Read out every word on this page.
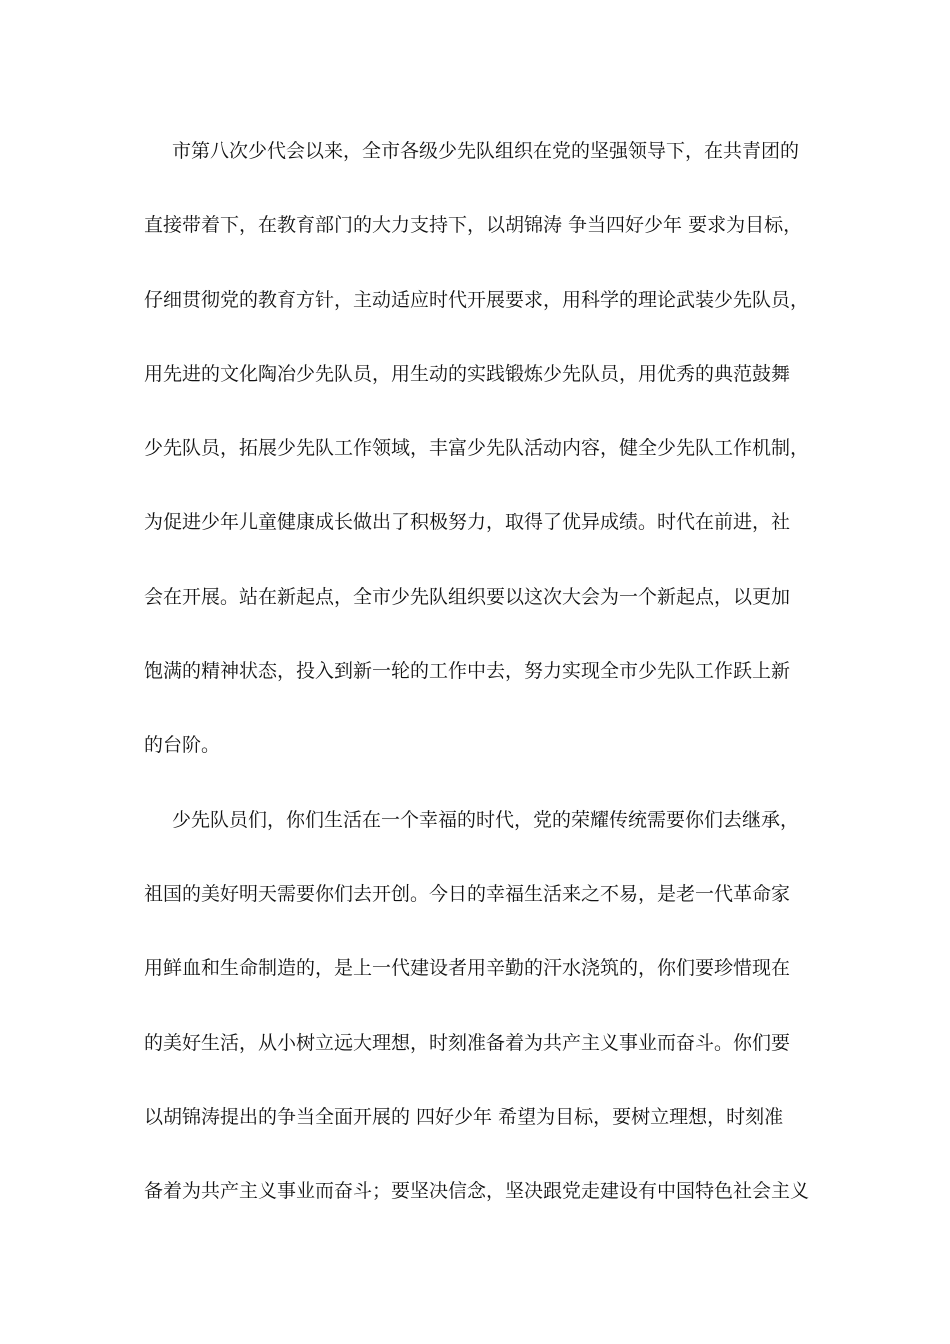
市第八次少代会以来，全市各级少先队组织在党的坚强领导下，在共青团的
直接带着下，在教育部门的大力支持下，以胡锦涛 争当四好少年 要求为目标，
仔细贯彻党的教育方针，主动适应时代开展要求，用科学的理论武装少先队员，
用先进的文化陶冶少先队员，用生动的实践锻炼少先队员，用优秀的典范鼓舞
少先队员，拓展少先队工作领域，丰富少先队活动内容，健全少先队工作机制，
为促进少年儿童健康成长做出了积极努力，取得了优异成绩。时代在前进，社
会在开展。站在新起点，全市少先队组织要以这次大会为一个新起点，以更加
饱满的精神状态，投入到新一轮的工作中去，努力实现全市少先队工作跃上新
的台阶。
少先队员们，你们生活在一个幸福的时代，党的荣耀传统需要你们去继承，
祖国的美好明天需要你们去开创。今日的幸福生活来之不易，是老一代革命家
用鲜血和生命制造的，是上一代建设者用辛勤的汗水浇筑的，你们要珍惜现在
的美好生活，从小树立远大理想，时刻准备着为共产主义事业而奋斗。你们要
以胡锦涛提出的争当全面开展的 四好少年 希望为目标，要树立理想，时刻准
备着为共产主义事业而奋斗；要坚决信念，坚决跟党走建设有中国特色社会主义
